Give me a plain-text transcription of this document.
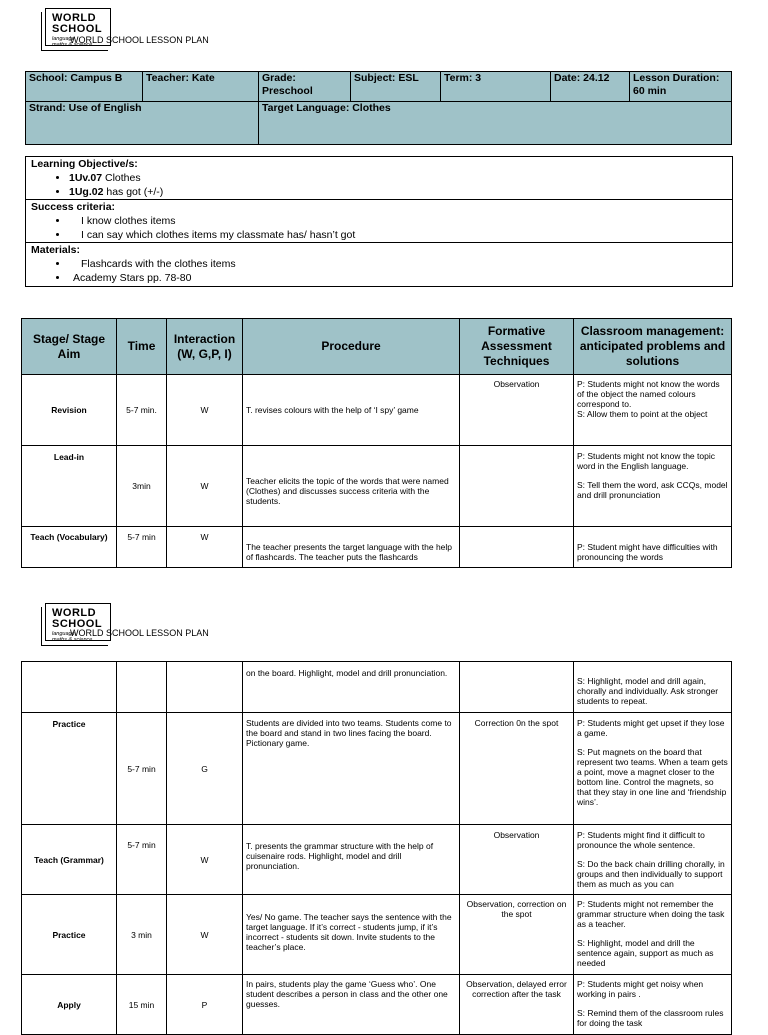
WORLD
SCHOOL
language,
maths & science
WORLD SCHOOL LESSON PLAN
School: Campus B	Teacher: Kate	Grade: Preschool	Subject: ESL	Term: 3	Date: 24.12	Lesson Duration: 60 min
Strand: Use of English		Target Language: Clothes				
Learning Objective/s:
• 1Uv.07 Clothes
• 1Ug.02 has got (+/-)

Success criteria:
• I know clothes items
• I can say which clothes items my classmate has/ hasn’t got

Materials:
• Flashcards with the clothes items
• Academy Stars pp. 78-80
Stage/ Stage Aim	Time	Interaction (W, G,P, I)	Procedure	Formative Assessment Techniques	Classroom management: anticipated problems and solutions
Revision	5-7 min.	W	T. revises colours with the help of ‘I spy’ game	Observation	P: Students might not know the words of the object the named colours correspond to.

S: Allow them to point at the object

Lead-in	3min	W	Teacher elicits the topic of the words that were named (Clothes) and discusses success criteria with the students.		P: Students might not know the topic word in the English language.

S: Tell them the word, ask CCQs, model and drill pronunciation

Teach (Vocabulary)	5-7 min	W	The teacher presents the target language with the help of flashcards. The teacher puts the flashcards		P: Student might have difficulties with pronouncing the words

WORLD
SCHOOL
language,
maths & science
WORLD SCHOOL LESSON PLAN
			on the board. Highlight, model and drill pronunciation.		S: Highlight, model and drill again, chorally and individually. Ask stronger students to repeat.

Practice	5-7 min	G	Students are divided into two teams. Students come to the board and stand in two lines facing the board. Pictionary game.	Correction 0n the spot	P: Students might get upset if they lose a game.

S: Put magnets on the board that represent two teams. When a team gets a point, move a magnet closer to the bottom line. Control the magnets, so that they stay in one line and ‘friendship wins’.

Teach (Grammar)	5-7 min	W	T. presents the grammar structure with the help of cuisenaire rods. Highlight, model and drill pronunciation.	Observation	P: Students might find it difficult to pronounce the whole sentence.

S: Do the back chain drilling chorally, in groups and then individually to support them as much as you can

Practice	3 min	W	Yes/ No game. The teacher says the sentence with the target language. If it’s correct - students jump, if it’s incorrect - students sit down. Invite students to the teacher’s place.	Observation, correction on the spot	P: Students might not remember the grammar structure when doing the task as a teacher.

S: Highlight, model and drill the sentence again, support as much as needed

Apply	15 min	P	In pairs, students play the game ‘Guess who’. One student describes a person in class and the other one guesses.	Observation, delayed error correction after the task	P: Students might get noisy when working in pairs .

S: Remind them of the classroom rules for doing the task
